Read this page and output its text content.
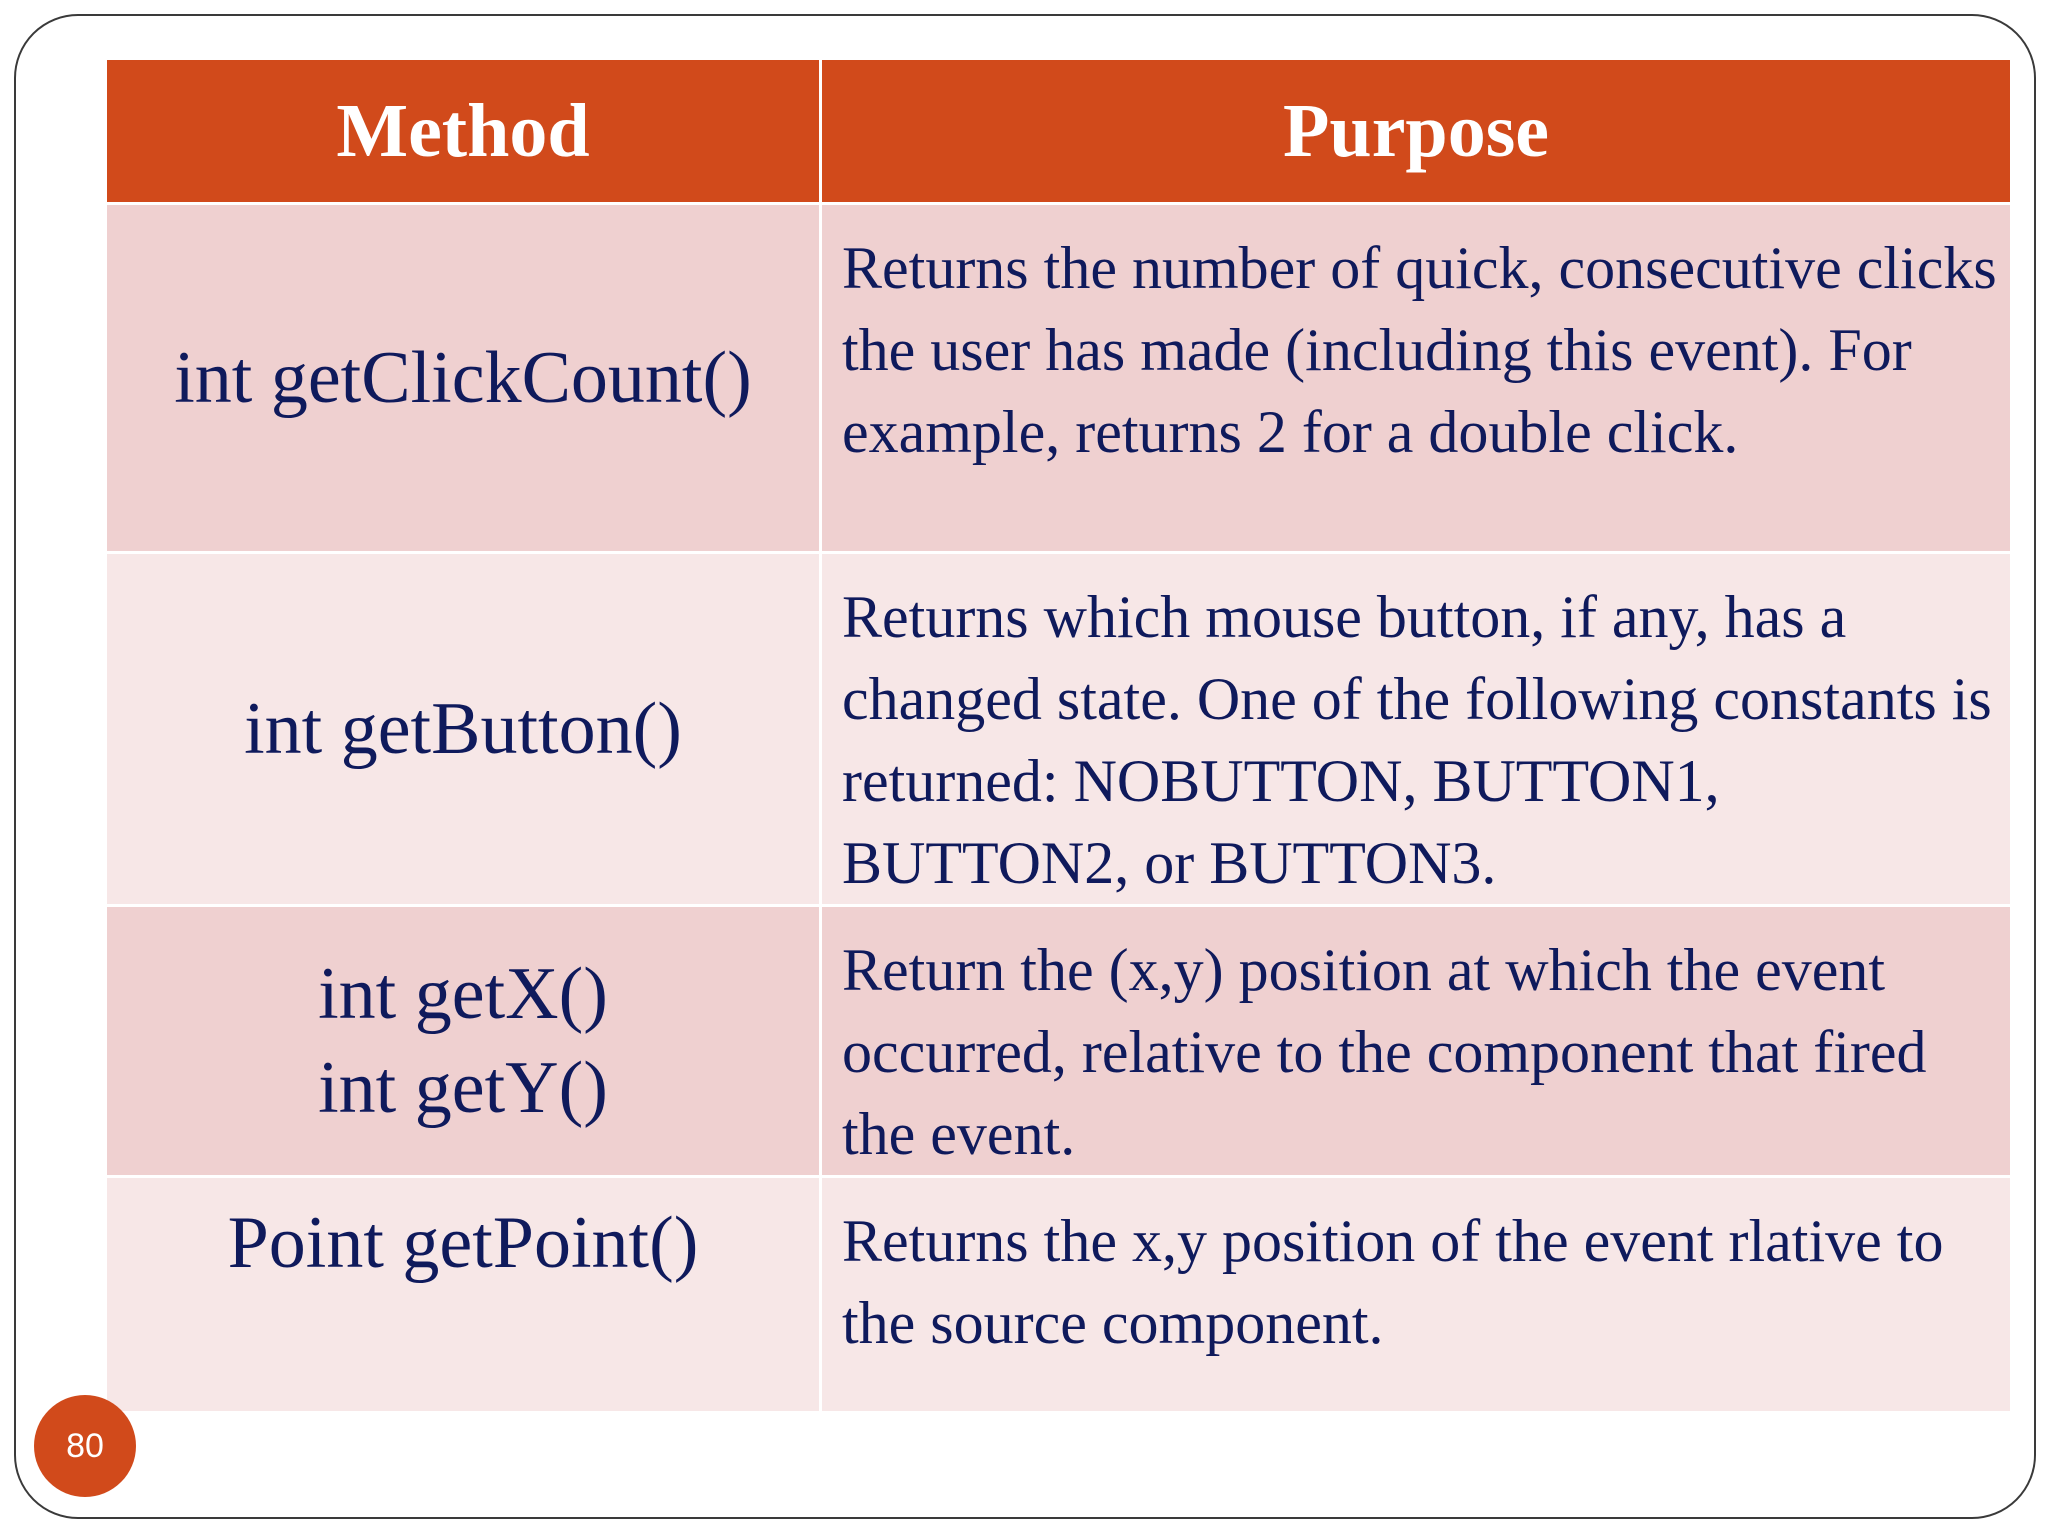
Method	Purpose

int getClickCount()	Returns the number of quick, consecutive clicks the user has made (including this event). For example, returns 2 for a double click.

int getButton()	Returns which mouse button, if any, has a changed state. One of the following constants is returned: NOBUTTON, BUTTON1, BUTTON2, or BUTTON3.

int getX()
int getY()	Return the (x,y) position at which the event occurred, relative to the component that fired the event.

Point getPoint()	Returns the x,y position of the event rlative to the source component.
80
